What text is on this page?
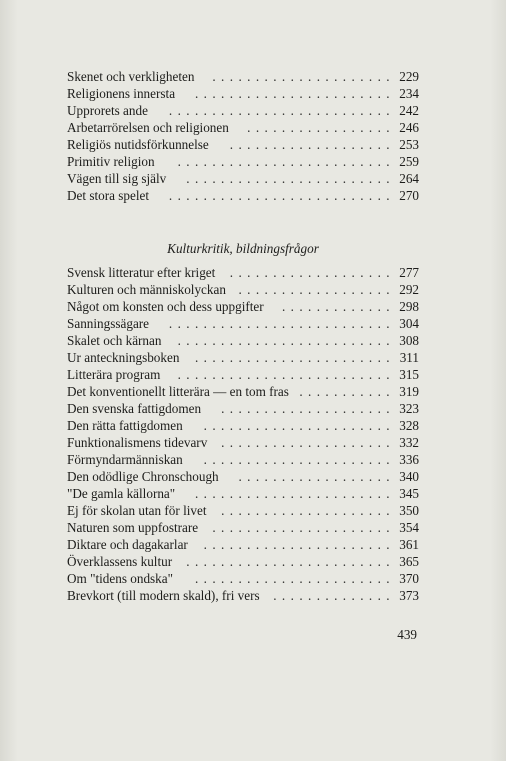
Skenet och verkligheten	..................... 229
Religionens innersta	....................... 234
Upprorets ande	.......................... 242
Arbetarrörelsen och religionen	................. 246
Religiös nutidsförkunnelse	................... 253
Primitiv religion	......................... 259
Vägen till sig själv	........................ 264
Det stora spelet	.......................... 270
Kulturkritik, bildningsfrågor
Svensk litteratur efter kriget	................... 277
Kulturen och människolyckan .................. 292
Något om konsten och dess uppgifter	............. 298
Sanningssägare	.......................... 304
Skalet och kärnan	......................... 308
Ur anteckningsboken	....................... 311
Litterära program	......................... 315
Det konventionellt litterära — en tom fras ........... 319
Den svenska fattigdomen	.................... 323
Den rätta fattigdomen	...................... 328
Funktionalismens tidevarv	.................... 332
Förmyndarmänniskan	...................... 336
Den odödlige Chronschough	.................. 340
"De gamla källorna"	....................... 345
Ej för skolan utan för livet	.................... 350
Naturen som uppfostrare	..................... 354
Diktare och dagakarlar	...................... 361
Överklassens kultur	........................ 365
Om "tidens ondska"	....................... 370
Brevkort (till modern skald), fri vers	.............. 373
439
